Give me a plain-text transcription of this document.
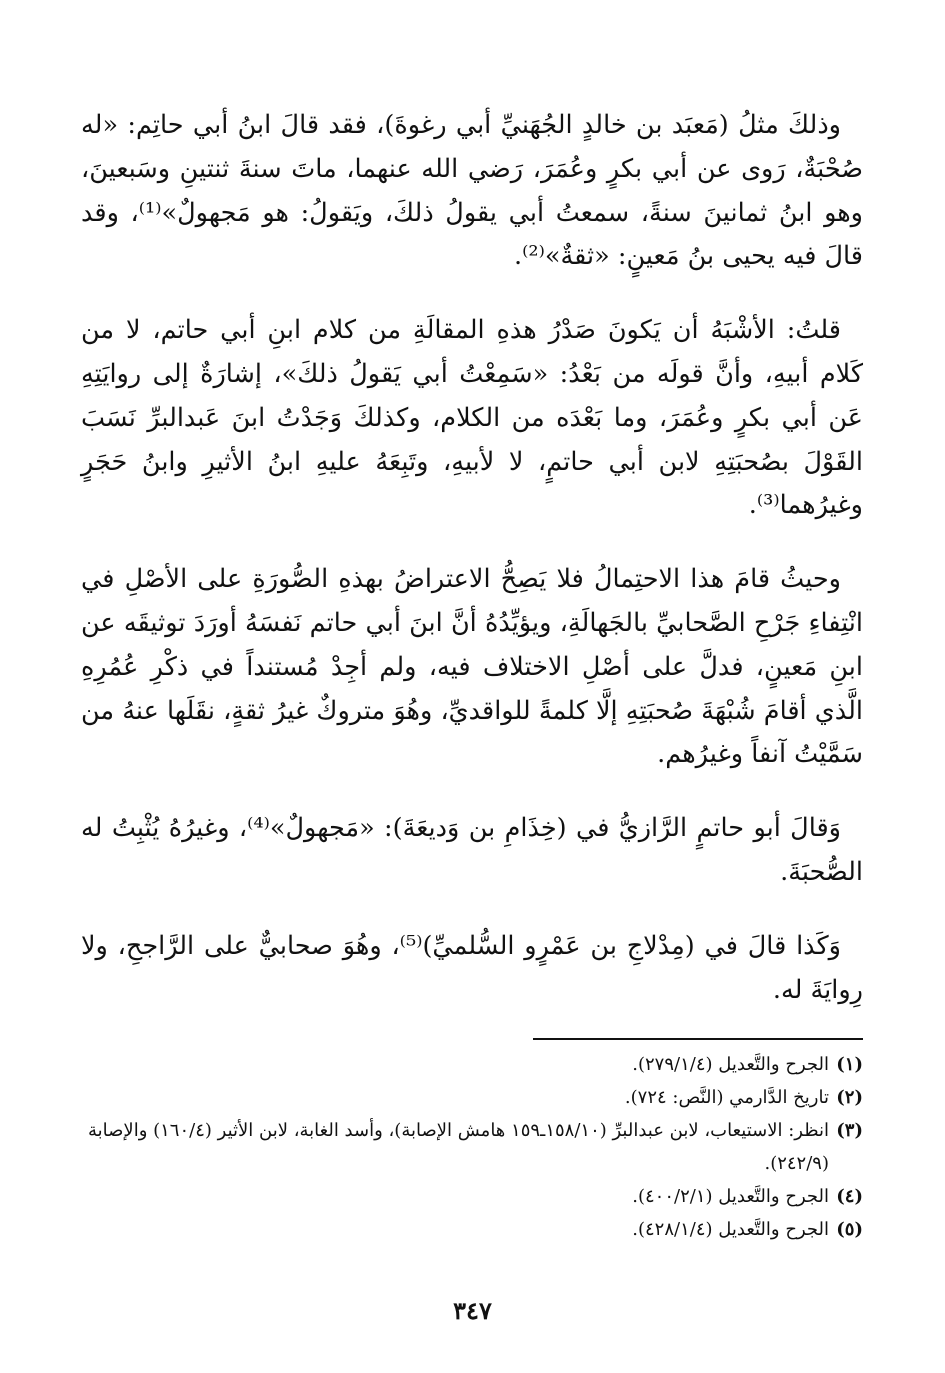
وذلكَ مثلُ (مَعبَد بن خالدٍ الجُهَنيِّ أبي رغوةَ)، فقد قالَ ابنُ أبي حاتِم: «له صُحْبَةٌ، رَوى عن أبي بكرٍ وعُمَرَ، رَضي الله عنهما، ماتَ سنةَ ثنتينِ وسَبعينَ، وهو ابنُ ثمانينَ سنةً، سمعتُ أبي يقولُ ذلكَ، ويَقولُ: هو مَجهولٌ»⁽¹⁾، وقد قالَ فيه يحيى بنُ مَعينٍ: «ثقةٌ»⁽²⁾.

قلتُ: الأشْبَهُ أن يَكونَ صَدْرُ هذهِ المقالَةِ من كلام ابنِ أبي حاتم، لا من كَلام أبيهِ، وأنَّ قولَه من بَعْدُ: «سَمِعْتُ أبي يَقولُ ذلكَ»، إشارَةٌ إلى روايَتِهِ عَن أبي بكرٍ وعُمَرَ، وما بَعْدَه من الكلام، وكذلكَ وَجَدْتُ ابنَ عَبدالبرِّ نَسَبَ القَوْلَ بصُحبَتِهِ لابن أبي حاتمٍ، لا لأبيهِ، وتَبِعَهُ عليهِ ابنُ الأثيرِ وابنُ حَجَرٍ وغيرُهما⁽³⁾.

وحيثُ قامَ هذا الاحتِمالُ فلا يَصِحُّ الاعتراضُ بهذهِ الصُّورَةِ على الأصْلِ في انْتِفاءِ جَرْحِ الصَّحابيِّ بالجَهالَةِ، ويؤيِّدُهُ أنَّ ابنَ أبي حاتم نَفسَهُ أورَدَ توثيقَه عن ابنِ مَعينٍ، فدلَّ على أصْلِ الاختلاف فيه، ولم أجِدْ مُستنداً في ذكْرِ عُمُرِهِ الَّذي أقامَ شُبْهَةَ صُحبَتِهِ إلَّا كلمةً للواقديِّ، وهُوَ متروكٌ غيرُ ثقةٍ، نقَلَها عنهُ من سَمَّيْتُ آنفاً وغيرُهم.

وَقالَ أبو حاتمٍ الرَّازيُّ في (خِذَامِ بن وَديعَةَ): «مَجهولٌ»⁽⁴⁾، وغيرُهُ يُثْبِتُ له الصُّحبَةَ.

وَكَذا قالَ في (مِدْلاجِ بن عَمْرٍو السُّلميِّ)⁽⁵⁾، وهُوَ صحابيٌّ على الرَّاجحِ، ولا رِوايَةَ له.

(١)
الجرح والتَّعديل (٢٧٩/١/٤).
(٢)
تاريخ الدَّارمي (النَّص: ٧٢٤).
(٣)
انظر: الاستيعاب، لابن عبدالبرِّ (١٥٨/١٠ـ١٥٩ هامش الإصابة)، وأسد الغابة، لابن الأثير (١٦٠/٤) والإصابة (٢٤٢/٩).
(٤)
الجرح والتَّعديل (٤٠٠/٢/١).
(٥)
الجرح والتَّعديل (٤٢٨/١/٤).
٣٤٧
